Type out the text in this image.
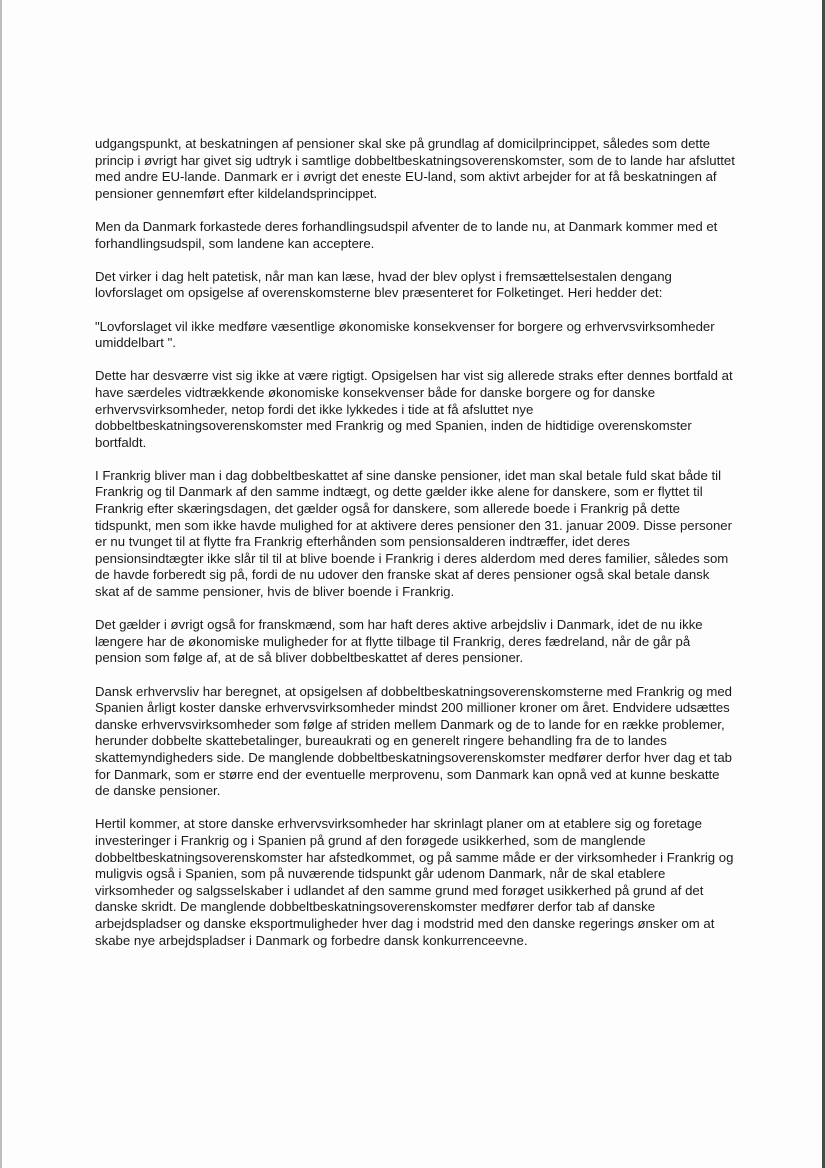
udgangspunkt, at beskatningen af pensioner skal ske på grundlag af domicilprincippet, således som dette princip i øvrigt har givet sig udtryk i samtlige dobbeltbeskatningsoverenskomster, som de to lande har afsluttet med andre EU-lande. Danmark er i øvrigt det eneste EU-land, som aktivt arbejder for at få beskatningen af pensioner gennemført efter kildelandsprincippet.

Men da Danmark forkastede deres forhandlingsudspil afventer de to lande nu, at Danmark kommer med et forhandlingsudspil, som landene kan acceptere.

Det virker i dag helt patetisk, når man kan læse, hvad der blev oplyst i fremsættelsestalen dengang lovforslaget om opsigelse af overenskomsterne blev præsenteret for Folketinget. Heri hedder det:

"Lovforslaget vil ikke medføre væsentlige økonomiske konsekvenser for borgere og erhvervsvirksomheder umiddelbart ".

Dette har desværre vist sig ikke at være rigtigt. Opsigelsen har vist sig allerede straks efter dennes bortfald at have særdeles vidtrækkende økonomiske konsekvenser både for danske borgere og for danske erhvervsvirksomheder, netop fordi det ikke lykkedes i tide at få afsluttet nye dobbeltbeskatningsoverenskomster med Frankrig og med Spanien, inden de hidtidige overenskomster bortfaldt.

I Frankrig bliver man i dag dobbeltbeskattet af sine danske pensioner, idet man skal betale fuld skat både til Frankrig og til Danmark af den samme indtægt, og dette gælder ikke alene for danskere, som er flyttet til Frankrig efter skæringsdagen, det gælder også for danskere, som allerede boede i Frankrig på dette tidspunkt, men som ikke havde mulighed for at aktivere deres pensioner den 31. januar 2009. Disse personer er nu tvunget til at flytte fra Frankrig efterhånden som pensionsalderen indtræffer, idet deres pensionsindtægter ikke slår til til at blive boende i Frankrig i deres alderdom med deres familier, således som de havde forberedt sig på, fordi de nu udover den franske skat af deres pensioner også skal betale dansk skat af de samme pensioner, hvis de bliver boende i Frankrig.

Det gælder i øvrigt også for franskmænd, som har haft deres aktive arbejdsliv i Danmark, idet de nu ikke længere har de økonomiske muligheder for at flytte tilbage til Frankrig, deres fædreland, når de går på pension som følge af, at de så bliver dobbeltbeskattet af deres pensioner.

Dansk erhvervsliv har beregnet, at opsigelsen af dobbeltbeskatningsoverenskomsterne med Frankrig og med Spanien årligt koster danske erhvervsvirksomheder mindst 200 millioner kroner om året. Endvidere udsættes danske erhvervsvirksomheder som følge af striden mellem Danmark og de to lande for en række problemer, herunder dobbelte skattebetalinger, bureaukrati og en generelt ringere behandling fra de to landes skattemyndigheders side. De manglende dobbeltbeskatningsoverenskomster medfører derfor hver dag et tab for Danmark, som er større end der eventuelle merprovenu, som Danmark kan opnå ved at kunne beskatte de danske pensioner.

Hertil kommer, at store danske erhvervsvirksomheder har skrinlagt planer om at etablere sig og foretage investeringer i Frankrig og i Spanien på grund af den forøgede usikkerhed, som de manglende dobbeltbeskatningsoverenskomster har afstedkommet, og på samme måde er der virksomheder i Frankrig og muligvis også i Spanien, som på nuværende tidspunkt går udenom Danmark, når de skal etablere virksomheder og salgsselskaber i udlandet af den samme grund med forøget usikkerhed på grund af det danske skridt. De manglende dobbeltbeskatningsoverenskomster medfører derfor tab af danske arbejdspladser og danske eksportmuligheder hver dag i modstrid med den danske regerings ønsker om at skabe nye arbejdspladser i Danmark og forbedre dansk konkurrenceevne.
